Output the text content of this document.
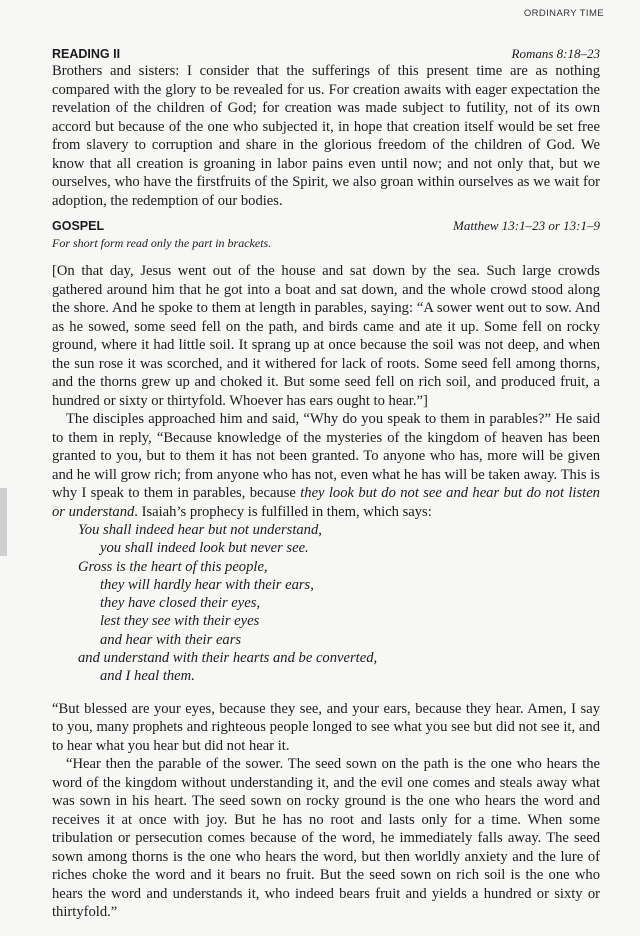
ORDINARY TIME
READING II	Romans 8:18–23

Brothers and sisters: I consider that the sufferings of this present time are as nothing compared with the glory to be revealed for us. For creation awaits with eager expectation the revelation of the children of God; for creation was made subject to futility, not of its own accord but because of the one who subjected it, in hope that creation itself would be set free from slavery to corruption and share in the glorious freedom of the children of God. We know that all creation is groaning in labor pains even until now; and not only that, but we ourselves, who have the firstfruits of the Spirit, we also groan within ourselves as we wait for adoption, the redemption of our bodies.

GOSPEL	Matthew 13:1–23 or 13:1–9
For short form read only the part in brackets.

[On that day, Jesus went out of the house and sat down by the sea. Such large crowds gathered around him that he got into a boat and sat down, and the whole crowd stood along the shore. And he spoke to them at length in parables, saying: “A sower went out to sow. And as he sowed, some seed fell on the path, and birds came and ate it up. Some fell on rocky ground, where it had little soil. It sprang up at once because the soil was not deep, and when the sun rose it was scorched, and it withered for lack of roots. Some seed fell among thorns, and the thorns grew up and choked it. But some seed fell on rich soil, and produced fruit, a hundred or sixty or thirtyfold. Whoever has ears ought to hear.”]

The disciples approached him and said, “Why do you speak to them in parables?” He said to them in reply, “Because knowledge of the mysteries of the kingdom of heaven has been granted to you, but to them it has not been granted. To anyone who has, more will be given and he will grow rich; from anyone who has not, even what he has will be taken away. This is why I speak to them in parables, because they look but do not see and hear but do not listen or understand. Isaiah’s prophecy is fulfilled in them, which says:

You shall indeed hear but not understand,
you shall indeed look but never see.
Gross is the heart of this people,
they will hardly hear with their ears,
they have closed their eyes,
lest they see with their eyes
and hear with their ears
and understand with their hearts and be converted,
and I heal them.

“But blessed are your eyes, because they see, and your ears, because they hear. Amen, I say to you, many prophets and righteous people longed to see what you see but did not see it, and to hear what you hear but did not hear it.

“Hear then the parable of the sower. The seed sown on the path is the one who hears the word of the kingdom without understanding it, and the evil one comes and steals away what was sown in his heart. The seed sown on rocky ground is the one who hears the word and receives it at once with joy. But he has no root and lasts only for a time. When some tribulation or persecution comes because of the word, he immediately falls away. The seed sown among thorns is the one who hears the word, but then worldly anxiety and the lure of riches choke the word and it bears no fruit. But the seed sown on rich soil is the one who hears the word and understands it, who indeed bears fruit and yields a hundred or sixty or thirtyfold.”
